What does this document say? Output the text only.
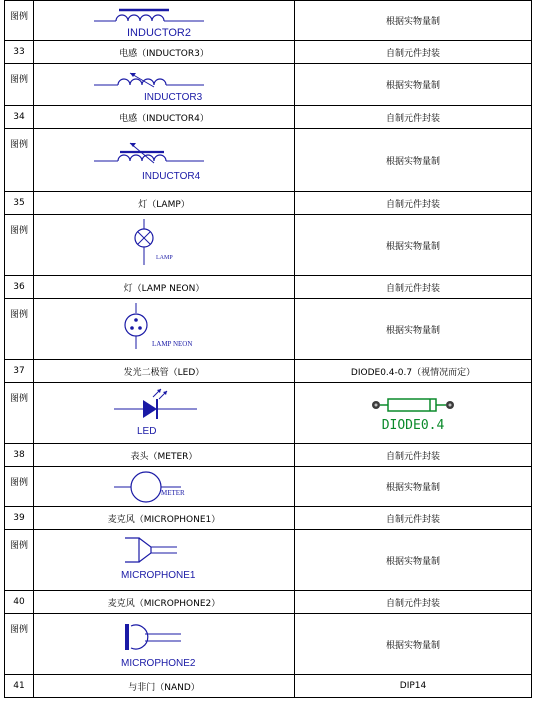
图例	INDUCTOR2	根据实物量制
33	电感（INDUCTOR3）	自制元件封装
图例	INDUCTOR3	根据实物量制
34	电感（INDUCTOR4）	自制元件封装
图例	INDUCTOR4	根据实物量制
35	灯（LAMP）	自制元件封装
图例	LAMP	根据实物量制
36	灯（LAMP NEON）	自制元件封装
图例	LAMP NEON	根据实物量制
37	发光二极管（LED）	DIODE0.4-0.7（视情况而定）
图例	LED	DIODE0.4

38	表头（METER）	自制元件封装
图例	METER	根据实物量制
39	麦克风（MICROPHONE1）	自制元件封装
图例	MICROPHONE1	根据实物量制
40	麦克风（MICROPHONE2）	自制元件封装
图例	MICROPHONE2	根据实物量制
41	与非门（NAND）	DIP14
